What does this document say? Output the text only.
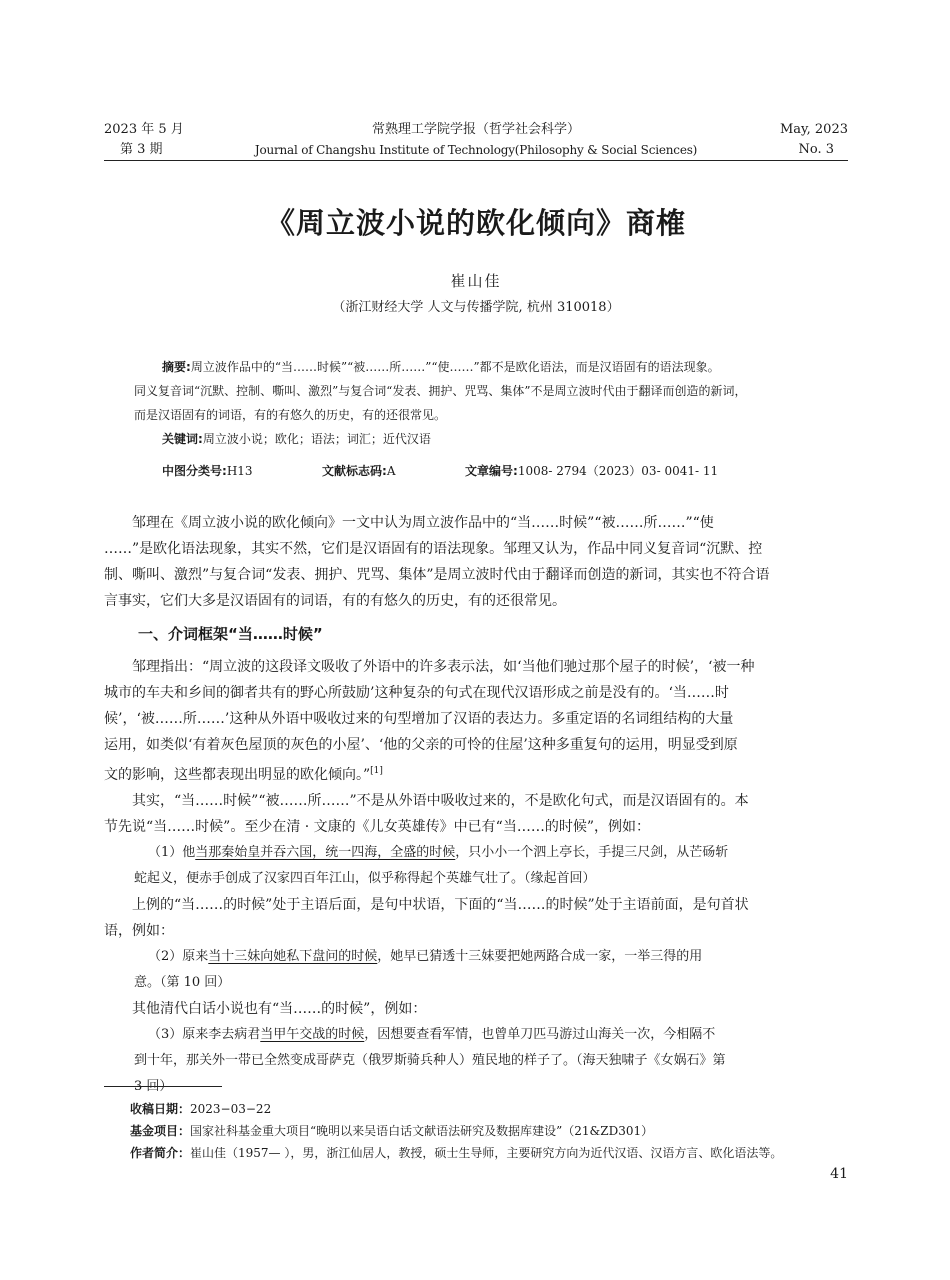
2023 年 5 月
第 3 期
常熟理工学院学报（哲学社会科学）
Journal of Changshu Institute of Technology(Philosophy & Social Sciences)
May, 2023
No. 3
《周立波小说的欧化倾向》商榷
崔山佳
（浙江财经大学 人文与传播学院, 杭州 310018）
摘要:周立波作品中的“当……时候”“被……所……”“使……”都不是欧化语法，而是汉语固有的语法现象。
同义复音词“沉默、控制、嘶叫、激烈”与复合词“发表、拥护、咒骂、集体”不是周立波时代由于翻译而创造的新词，
而是汉语固有的词语，有的有悠久的历史，有的还很常见。
关键词:周立波小说；欧化；语法；词汇；近代汉语
中图分类号:H13	文献标志码:A	文章编号:1008- 2794（2023）03- 0041- 11
邹理在《周立波小说的欧化倾向》一文中认为周立波作品中的“当……时候”“被……所……”“使
……”是欧化语法现象，其实不然，它们是汉语固有的语法现象。邹理又认为，作品中同义复音词“沉默、控
制、嘶叫、激烈”与复合词“发表、拥护、咒骂、集体”是周立波时代由于翻译而创造的新词，其实也不符合语
言事实，它们大多是汉语固有的词语，有的有悠久的历史，有的还很常见。
一、介词框架“当……时候”
邹理指出：“周立波的这段译文吸收了外语中的许多表示法，如‘当他们驰过那个屋子的时候’，‘被一种
城市的车夫和乡间的御者共有的野心所鼓励’这种复杂的句式在现代汉语形成之前是没有的。‘当……时
候’，‘被……所……’这种从外语中吸收过来的句型增加了汉语的表达力。多重定语的名词组结构的大量
运用，如类似‘有着灰色屋顶的灰色的小屋’、‘他的父亲的可怜的住屋’这种多重复句的运用，明显受到原
文的影响，这些都表现出明显的欧化倾向。”[1]
其实，“当……时候”“被……所……”不是从外语中吸收过来的，不是欧化句式，而是汉语固有的。本
节先说“当……时候”。至少在清 · 文康的《儿女英雄传》中已有“当……的时候”，例如：
（1）他当那秦始皇并吞六国，统一四海，全盛的时候，只小小一个泗上亭长，手提三尺剑，从芒砀斩
蛇起义，便赤手创成了汉家四百年江山，似乎称得起个英雄气壮了。（缘起首回）
上例的“当……的时候”处于主语后面，是句中状语，下面的“当……的时候”处于主语前面，是句首状
语，例如：
（2）原来当十三妹向她私下盘问的时候，她早已猜透十三妹要把她两路合成一家，一举三得的用
意。（第 10 回）
其他清代白话小说也有“当……的时候”，例如：
（3）原来李去病君当甲午交战的时候，因想要查看军情，也曾单刀匹马游过山海关一次，今相隔不
到十年，那关外一带已全然变成哥萨克（俄罗斯骑兵种人）殖民地的样子了。（海天独啸子《女娲石》第
3 回）
收稿日期：2023−03−22
基金项目：国家社科基金重大项目“晚明以来吴语白话文献语法研究及数据库建设”（21&ZD301）
作者简介：崔山佳（1957— ），男，浙江仙居人，教授，硕士生导师，主要研究方向为近代汉语、汉语方言、欧化语法等。
41
